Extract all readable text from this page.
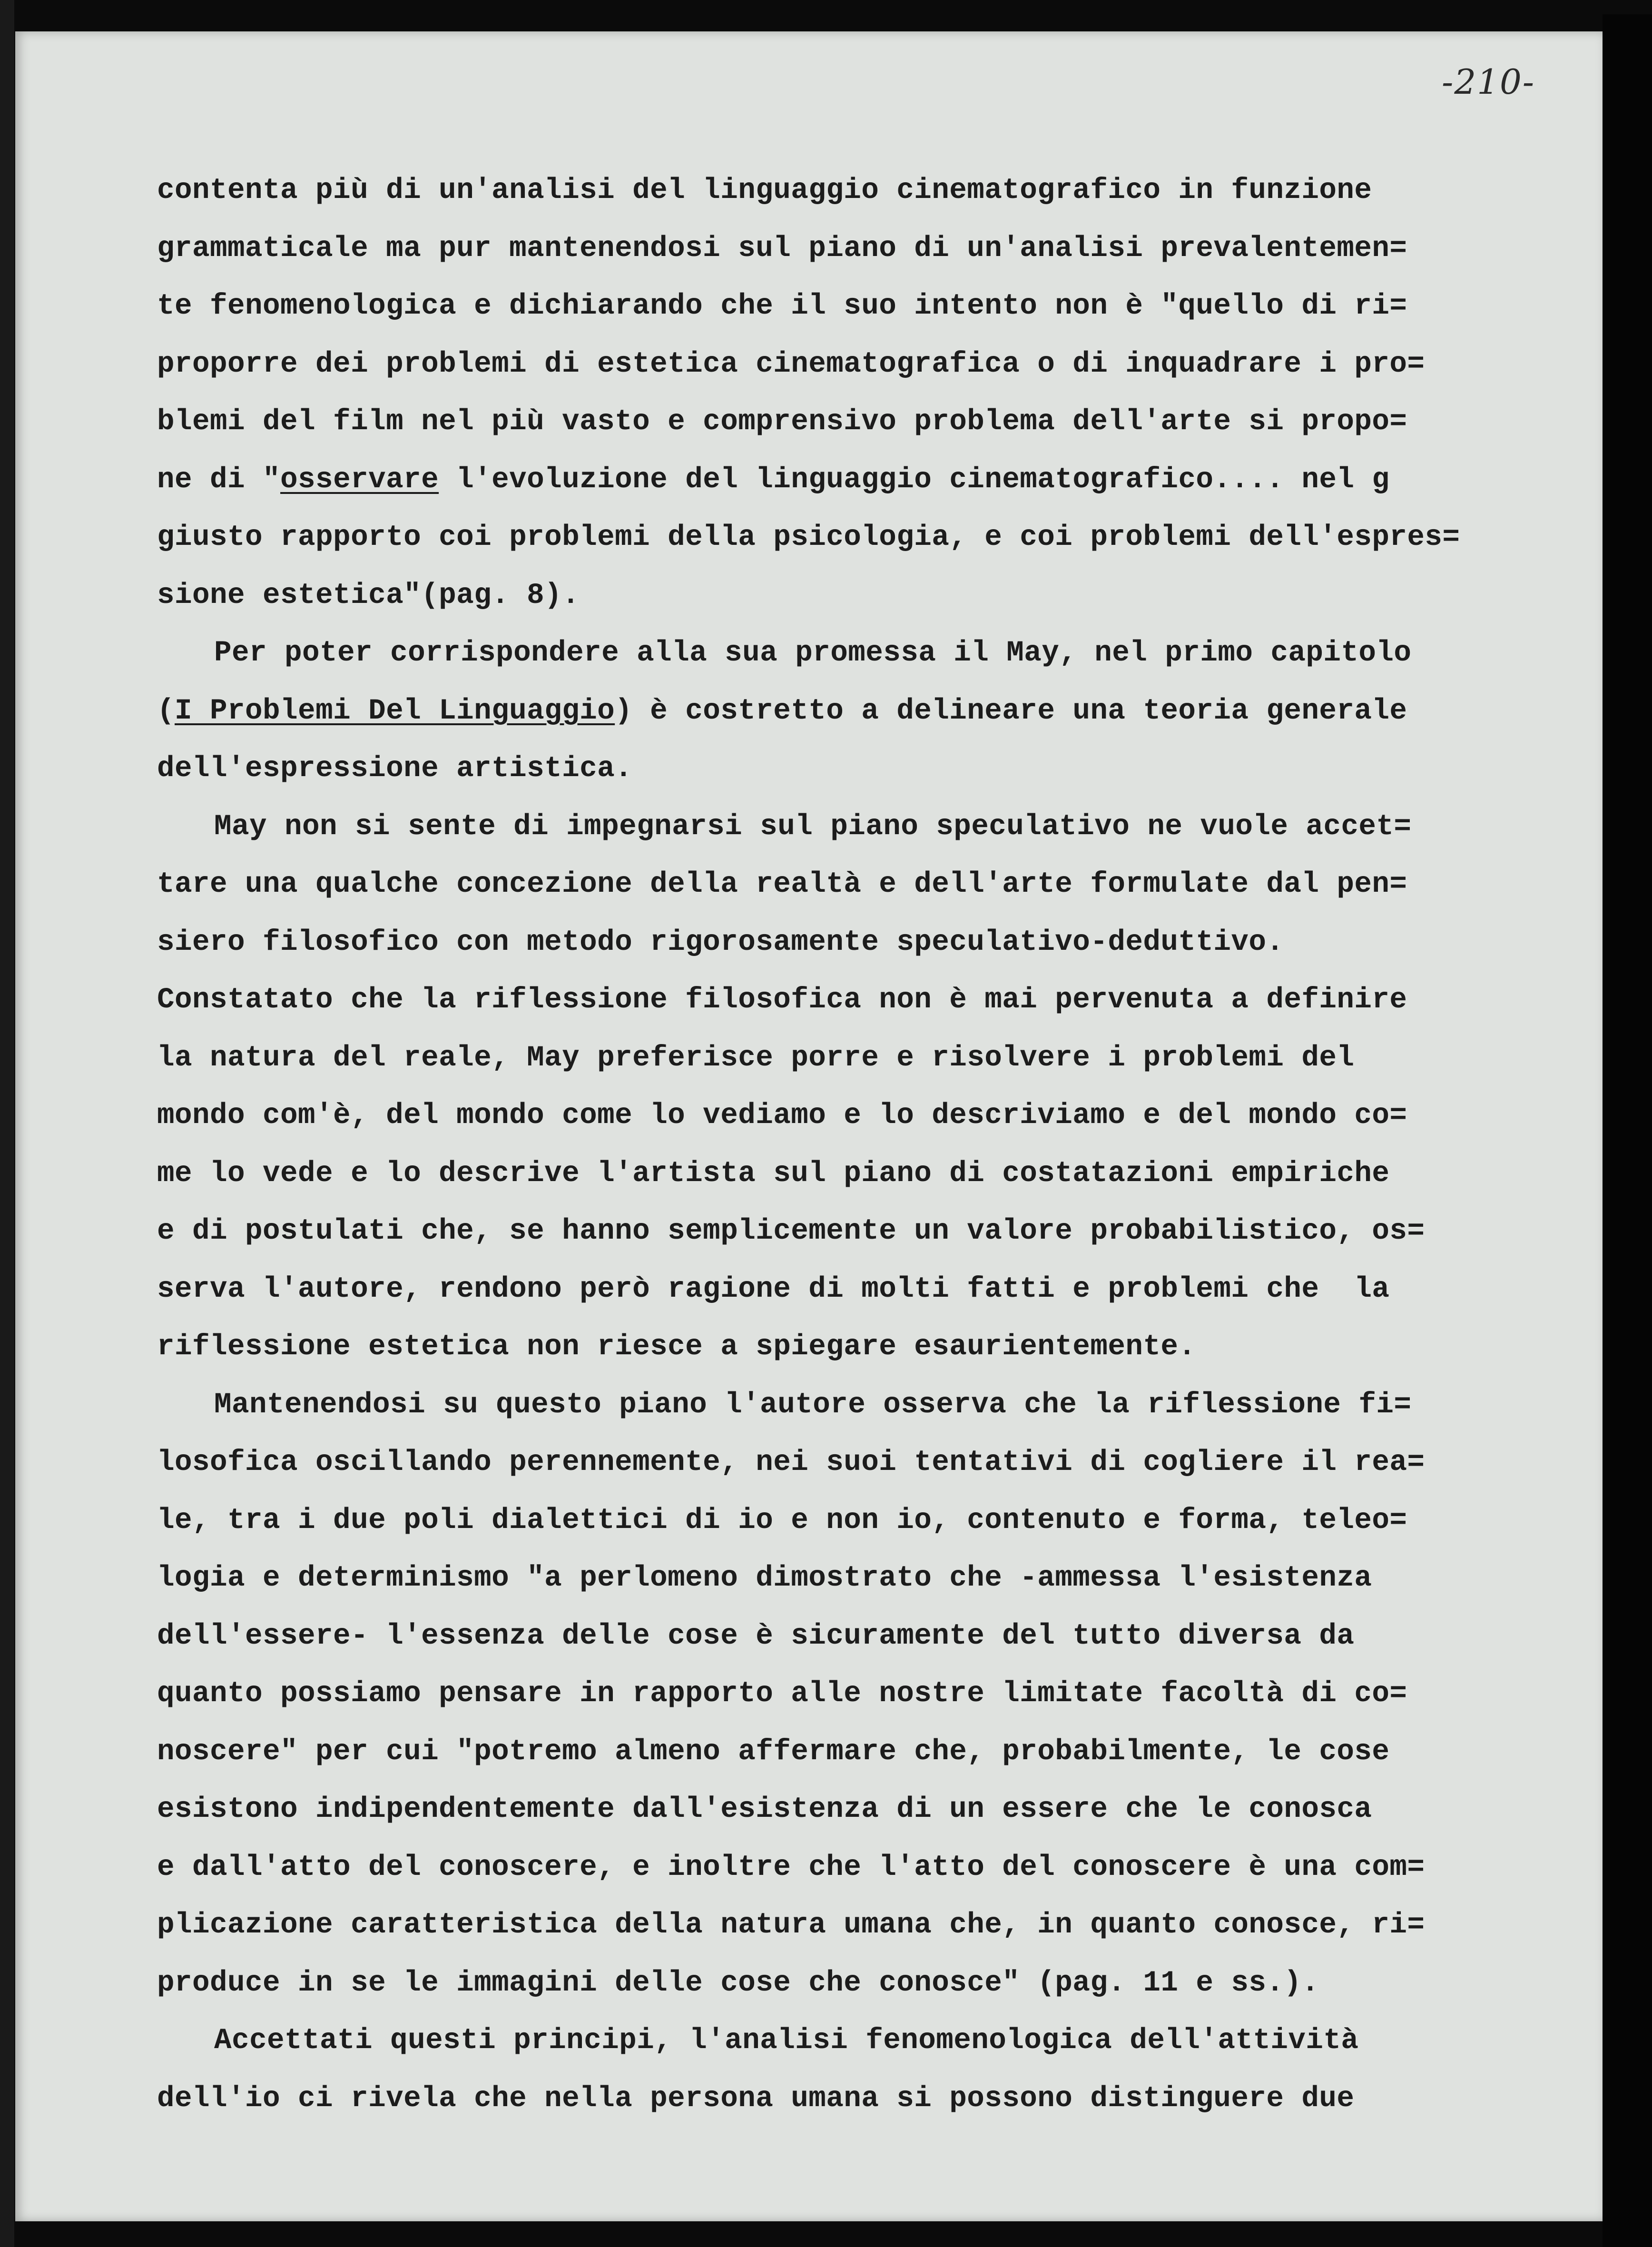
-210-
contenta più di un'analisi del linguaggio cinematografico in funzione
grammaticale ma pur mantenendosi sul piano di un'analisi prevalentemen=
te fenomenologica e dichiarando che il suo intento non è "quello di ri=
proporre dei problemi di estetica cinematografica o di inquadrare i pro=
blemi del film nel più vasto e comprensivo problema dell'arte si propo=
ne di "osservare l'evoluzione del linguaggio cinematografico.... nel g
giusto rapporto coi problemi della psicologia, e coi problemi dell'espres=
sione estetica"(pag. 8).
Per poter corrispondere alla sua promessa il May, nel primo capitolo
(I Problemi Del Linguaggio) è costretto a delineare una teoria generale
dell'espressione artistica.
May non si sente di impegnarsi sul piano speculativo ne vuole accet=
tare una qualche concezione della realtà e dell'arte formulate dal pen=
siero filosofico con metodo rigorosamente speculativo-deduttivo.
Constatato che la riflessione filosofica non è mai pervenuta a definire
la natura del reale, May preferisce porre e risolvere i problemi del
mondo com'è, del mondo come lo vediamo e lo descriviamo e del mondo co=
me lo vede e lo descrive l'artista sul piano di costatazioni empiriche
e di postulati che, se hanno semplicemente un valore probabilistico, os=
serva l'autore, rendono però ragione di molti fatti e problemi che  la
riflessione estetica non riesce a spiegare esaurientemente.
Mantenendosi su questo piano l'autore osserva che la riflessione fi=
losofica oscillando perennemente, nei suoi tentativi di cogliere il rea=
le, tra i due poli dialettici di io e non io, contenuto e forma, teleo=
logia e determinismo "a perlomeno dimostrato che -ammessa l'esistenza
dell'essere- l'essenza delle cose è sicuramente del tutto diversa da
quanto possiamo pensare in rapporto alle nostre limitate facoltà di co=
noscere" per cui "potremo almeno affermare che, probabilmente, le cose
esistono indipendentemente dall'esistenza di un essere che le conosca
e dall'atto del conoscere, e inoltre che l'atto del conoscere è una com=
plicazione caratteristica della natura umana che, in quanto conosce, ri=
produce in se le immagini delle cose che conosce" (pag. 11 e ss.).
Accettati questi principi, l'analisi fenomenologica dell'attività
dell'io ci rivela che nella persona umana si possono distinguere due
